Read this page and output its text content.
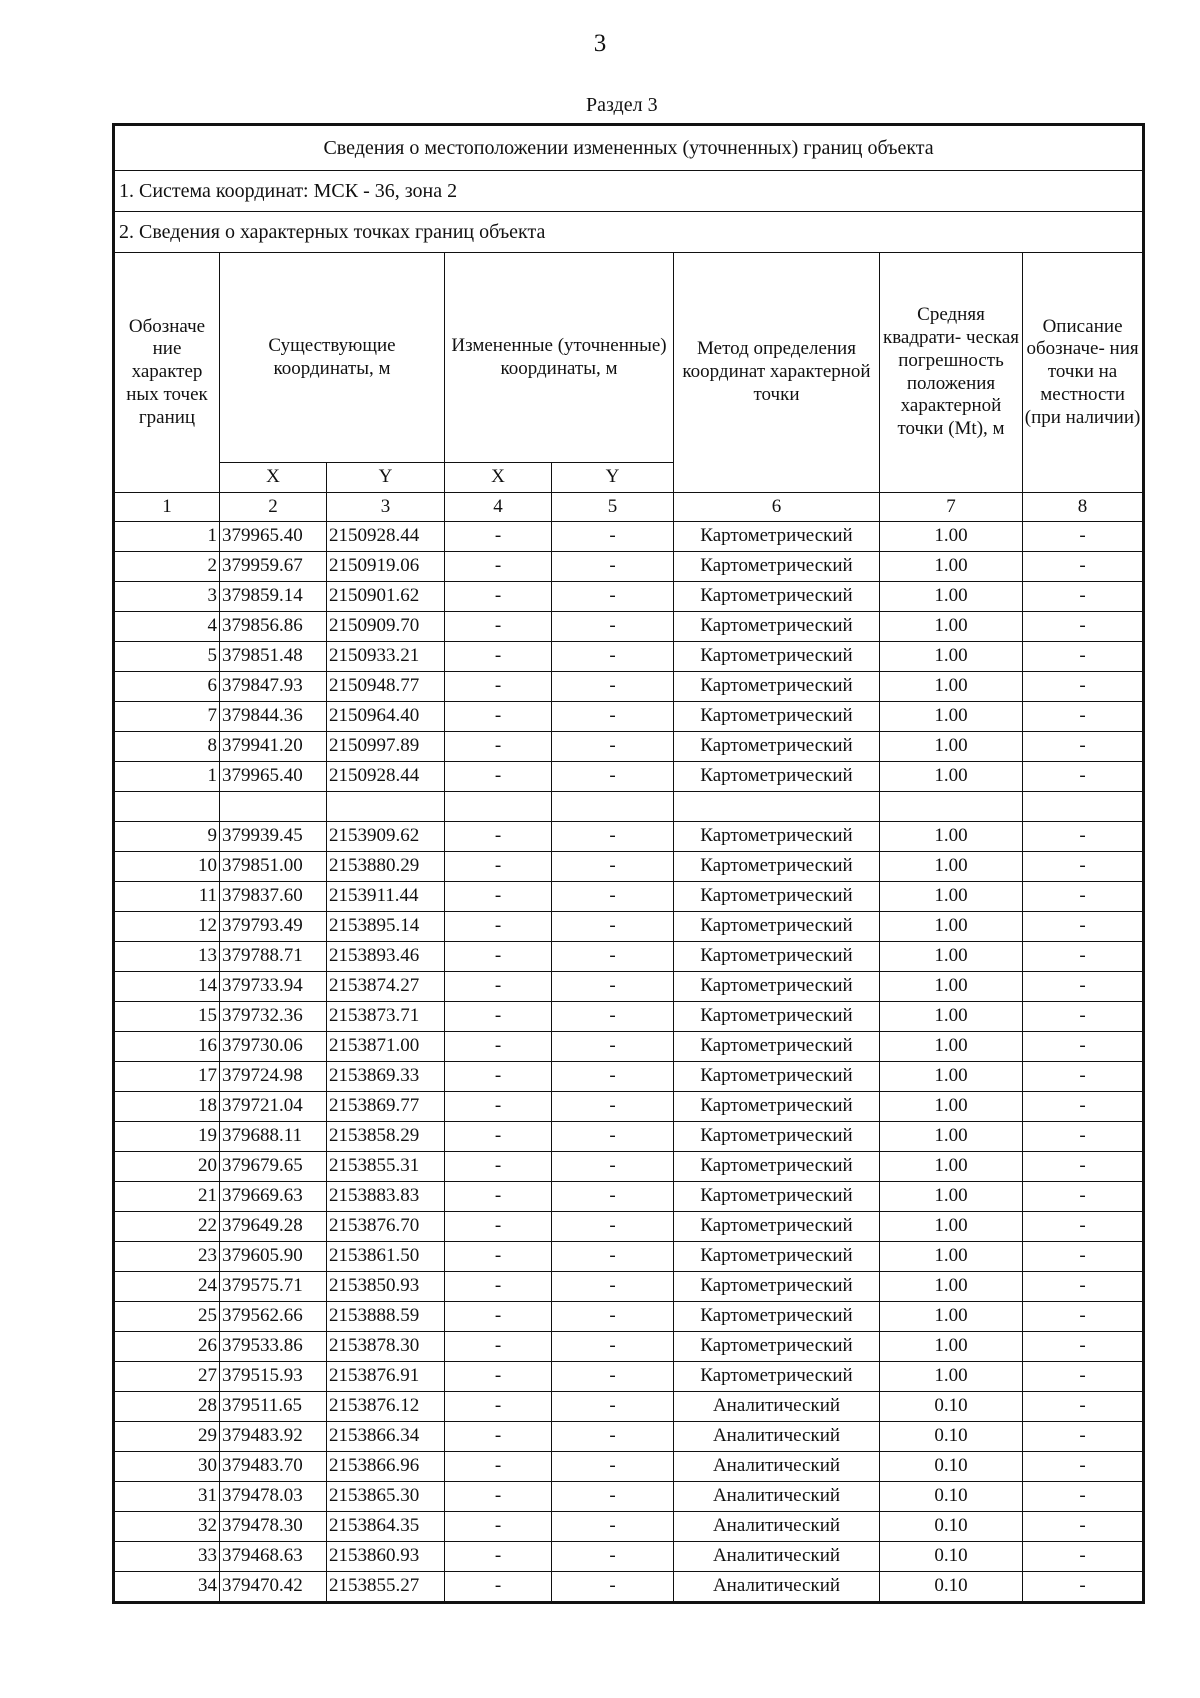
3
Раздел 3
Сведения о местоположении измененных (уточненных) границ объекта							
1. Система координат: МСК - 36, зона 2							
2. Сведения о характерных точках границ объекта							
Обозначе ние характер ных точек границ	Существующие координаты, м		Измененные (уточненные) координаты, м		Метод определения координат характерной точки	Средняя квадрати- ческая погрешность положения характерной точки (Mt), м	Описание обозначе- ния точки на местности (при наличии)
	X	Y	X	Y			
1	2	3	4	5	6	7	8
1	379965.40	2150928.44	-	-	Картометрический	1.00	-
2	379959.67	2150919.06	-	-	Картометрический	1.00	-
3	379859.14	2150901.62	-	-	Картометрический	1.00	-
4	379856.86	2150909.70	-	-	Картометрический	1.00	-
5	379851.48	2150933.21	-	-	Картометрический	1.00	-
6	379847.93	2150948.77	-	-	Картометрический	1.00	-
7	379844.36	2150964.40	-	-	Картометрический	1.00	-
8	379941.20	2150997.89	-	-	Картометрический	1.00	-
1	379965.40	2150928.44	-	-	Картометрический	1.00	-

9	379939.45	2153909.62	-	-	Картометрический	1.00	-
10	379851.00	2153880.29	-	-	Картометрический	1.00	-
11	379837.60	2153911.44	-	-	Картометрический	1.00	-
12	379793.49	2153895.14	-	-	Картометрический	1.00	-
13	379788.71	2153893.46	-	-	Картометрический	1.00	-
14	379733.94	2153874.27	-	-	Картометрический	1.00	-
15	379732.36	2153873.71	-	-	Картометрический	1.00	-
16	379730.06	2153871.00	-	-	Картометрический	1.00	-
17	379724.98	2153869.33	-	-	Картометрический	1.00	-
18	379721.04	2153869.77	-	-	Картометрический	1.00	-
19	379688.11	2153858.29	-	-	Картометрический	1.00	-
20	379679.65	2153855.31	-	-	Картометрический	1.00	-
21	379669.63	2153883.83	-	-	Картометрический	1.00	-
22	379649.28	2153876.70	-	-	Картометрический	1.00	-
23	379605.90	2153861.50	-	-	Картометрический	1.00	-
24	379575.71	2153850.93	-	-	Картометрический	1.00	-
25	379562.66	2153888.59	-	-	Картометрический	1.00	-
26	379533.86	2153878.30	-	-	Картометрический	1.00	-
27	379515.93	2153876.91	-	-	Картометрический	1.00	-
28	379511.65	2153876.12	-	-	Аналитический	0.10	-
29	379483.92	2153866.34	-	-	Аналитический	0.10	-
30	379483.70	2153866.96	-	-	Аналитический	0.10	-
31	379478.03	2153865.30	-	-	Аналитический	0.10	-
32	379478.30	2153864.35	-	-	Аналитический	0.10	-
33	379468.63	2153860.93	-	-	Аналитический	0.10	-
34	379470.42	2153855.27	-	-	Аналитический	0.10	-
